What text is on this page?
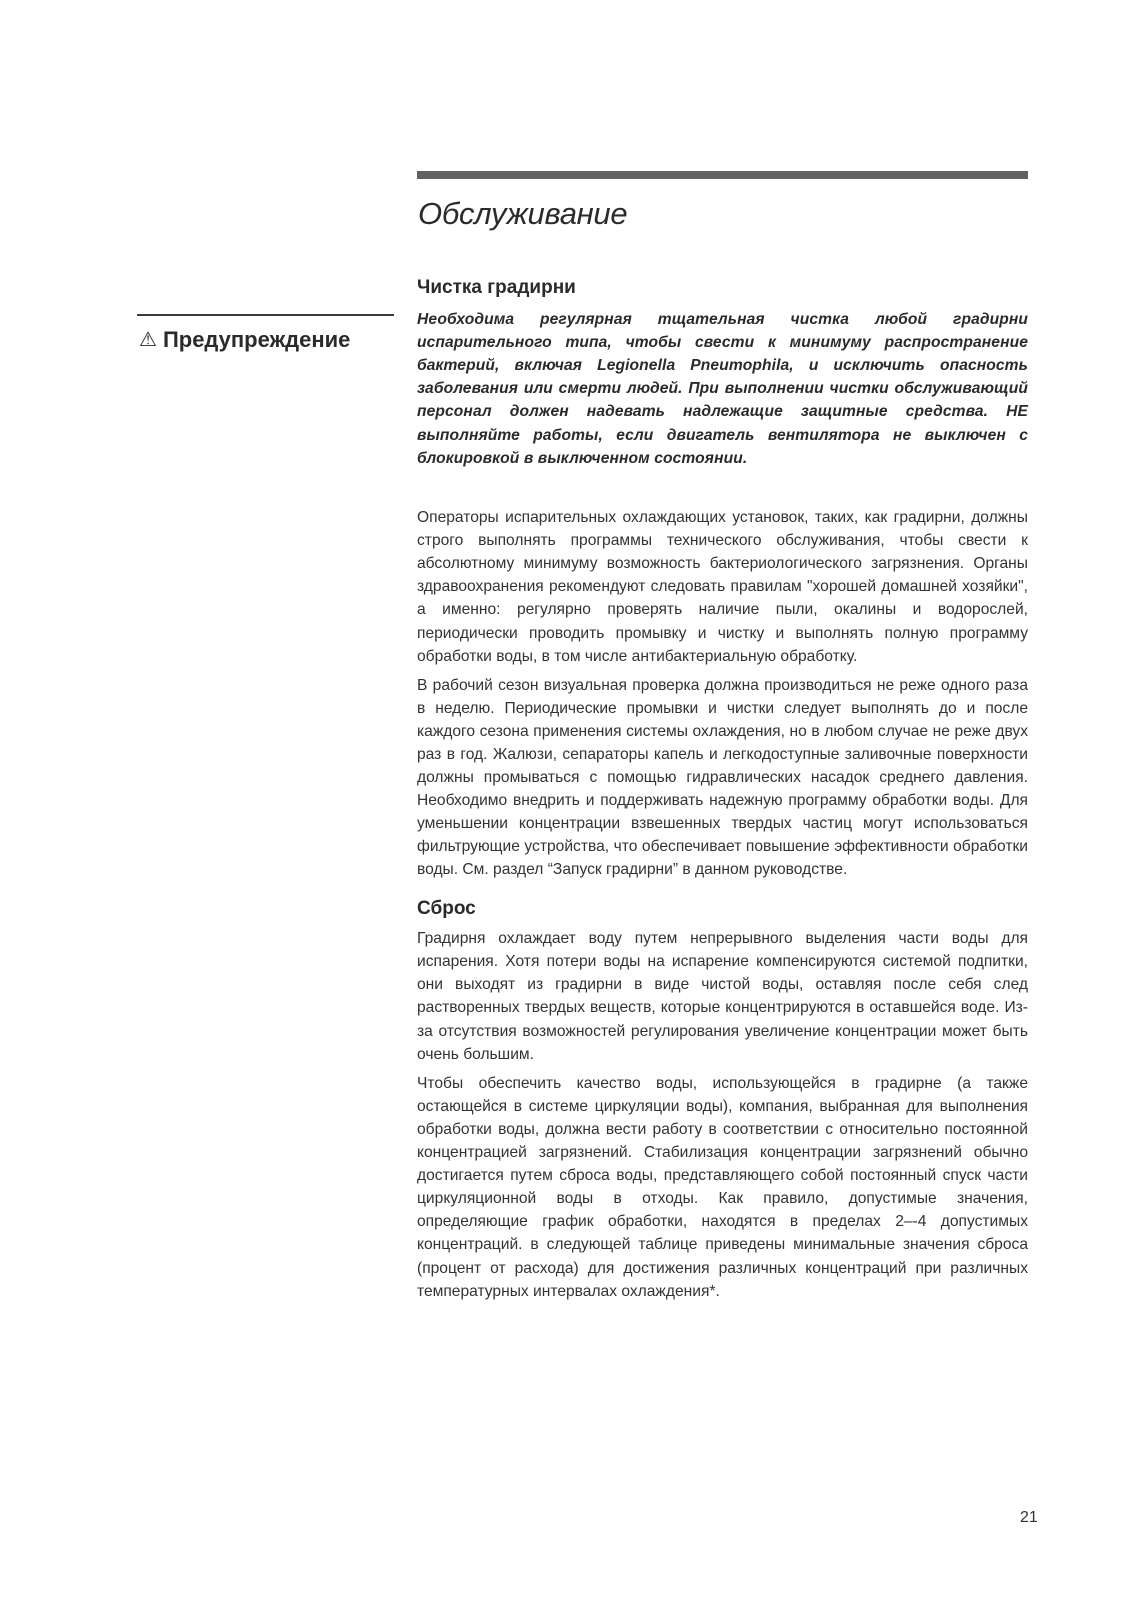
Обслуживание
⚠ Предупреждение
Чистка градирни

Необходима регулярная тщательная чистка любой градирни испарительного типа, чтобы свести к минимуму распространение бактерий, включая Legionella Pneumophila, и исключить опасность заболевания или смерти людей. При выполнении чистки обслуживающий персонал должен надевать надлежащие защитные средства. НЕ выполняйте работы, если двигатель вентилятора не выключен с блокировкой в выключенном состоянии.

Операторы испарительных охлаждающих установок, таких, как градирни, должны строго выполнять программы технического обслуживания, чтобы свести к абсолютному минимуму возможность бактериологического загрязнения. Органы здравоохранения рекомендуют следовать правилам "хорошей домашней хозяйки", а именно: регулярно проверять наличие пыли, окалины и водорослей, периодически проводить промывку и чистку и выполнять полную программу обработки воды, в том числе антибактериальную обработку.

В рабочий сезон визуальная проверка должна производиться не реже одного раза в неделю. Периодические промывки и чистки следует выполнять до и после каждого сезона применения системы охлаждения, но в любом случае не реже двух раз в год. Жалюзи, сепараторы капель и легкодоступные заливочные поверхности должны промываться с помощью гидравлических насадок среднего давления. Необходимо внедрить и поддерживать надежную программу обработки воды. Для уменьшении концентрации взвешенных твердых частиц могут использоваться фильтрующие устройства, что обеспечивает повышение эффективности обработки воды. См. раздел “Запуск градирни” в данном руководстве.

Сброс

Градирня охлаждает воду путем непрерывного выделения части воды для испарения. Хотя потери воды на испарение компенсируются системой подпитки, они выходят из градирни в виде чистой воды, оставляя после себя след растворенных твердых веществ, которые концентрируются в оставшейся воде. Из-за отсутствия возможностей регулирования увеличение концентрации может быть очень большим.

Чтобы обеспечить качество воды, использующейся в градирне (а также остающейся в системе циркуляции воды), компания, выбранная для выполнения обработки воды, должна вести работу в соответствии с относительно постоянной концентрацией загрязнений. Стабилизация концентрации загрязнений обычно достигается путем сброса воды, представляющего собой постоянный спуск части циркуляционной воды в отходы. Как правило, допустимые значения, определяющие график обработки, находятся в пределах 2–-4 допустимых концентраций. в следующей таблице приведены минимальные значения сброса (процент от расхода) для достижения различных концентраций при различных температурных интервалах охлаждения*.

21
